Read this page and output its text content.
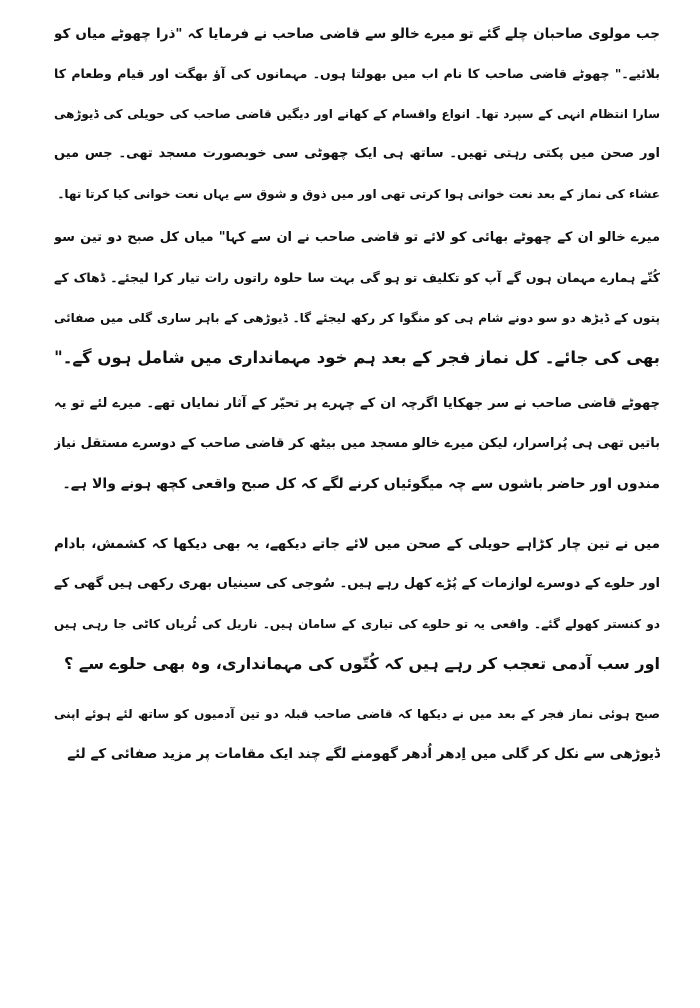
جب مولوی صاحبان چلے گئے تو میرے خالو سے قاضی صاحب نے فرمایا کہ "ذرا چھوٹے میاں کو
بلائیے۔" چھوٹے قاضی صاحب کا نام اب میں بھولتا ہوں۔ مہمانوں کی آؤ بھگت اور قیام وطعام کا
سارا انتظام انہی کے سپرد تھا۔ انواع واقسام کے کھانے اور دیگیں قاضی صاحب کی حویلی کی ڈیوڑھی
اور صحن میں پکتی رہتی تھیں۔ ساتھ ہی ایک چھوٹی سی خوبصورت مسجد تھی۔ جس میں
عشاء کی نماز کے بعد نعت خوانی ہوا کرتی تھی اور میں ذوق و شوق سے یہاں نعت خوانی کیا کرتا تھا۔
میرے خالو ان کے چھوٹے بھائی کو لائے تو قاضی صاحب نے ان سے کہا" میاں کل صبح دو تین سو
کُتّے ہمارے مہمان ہوں گے آپ کو تکلیف تو ہو گی بہت سا حلوہ راتوں رات تیار کرا لیجئے۔ ڈھاک کے
پتوں کے ڈیڑھ دو سو دونے شام ہی کو منگوا کر رکھ لیجئے گا۔ ڈیوڑھی کے باہر ساری گلی میں صفائی
بھی کی جائے۔ کل نماز فجر کے بعد ہم خود مہمانداری میں شامل ہوں گے۔"
چھوٹے قاضی صاحب نے سر جھکایا اگرچہ ان کے چہرے پر تحیّر کے آثار نمایاں تھے۔ میرے لئے تو یہ
باتیں تھی ہی پُراسرار، لیکن میرے خالو مسجد میں بیٹھ کر قاضی صاحب کے دوسرے مستقل نیاز
مندوں اور حاضر باشوں سے چہ میگوئیاں کرنے لگے کہ کل صبح واقعی کچھ ہونے والا ہے۔
میں نے تین چار کڑاہے حویلی کے صحن میں لائے جاتے دیکھے، یہ بھی دیکھا کہ کشمش، بادام
اور حلوے کے دوسرے لوازمات کے پُڑے کھل رہے ہیں۔ سُوجی کی سینیاں بھری رکھی ہیں گھی کے
دو کنستر کھولے گئے۔ واقعی یہ تو حلوے کی تیاری کے سامان ہیں۔ ناریل کی ٹُریاں کاٹی جا رہی ہیں
اور سب آدمی تعجب کر رہے ہیں کہ کُتّوں کی مہمانداری، وہ بھی حلوے سے ؟
صبح ہوئی نماز فجر کے بعد میں نے دیکھا کہ قاضی صاحب قبلہ دو تین آدمیوں کو ساتھ لئے ہوئے اپنی
ڈیوڑھی سے نکل کر گلی میں اِدھر اُدھر گھومنے لگے چند ایک مقامات پر مزید صفائی کے لئے
